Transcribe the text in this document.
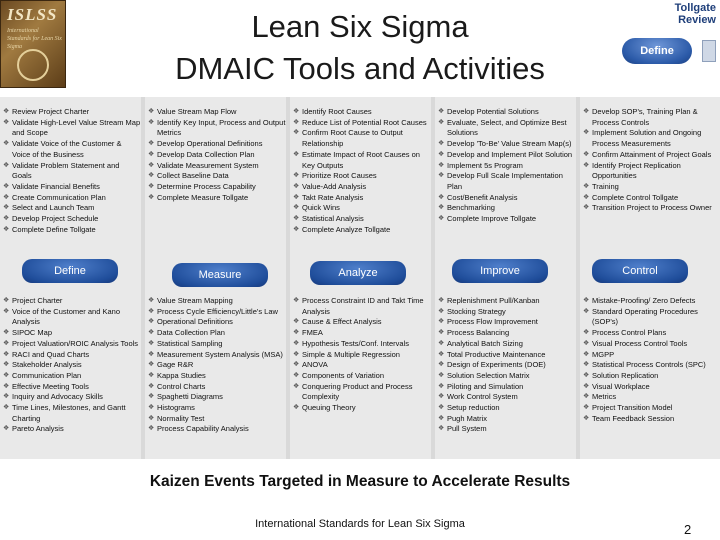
ISLSS
International Standards for Lean Six Sigma
Lean Six Sigma
DMAIC Tools and Activities
Tollgate
Review
Define
❖ Review Project Charter
❖ Validate High-Level Value Stream Map and Scope
❖ Validate Voice of the Customer & Voice of the Business
❖ Validate Problem Statement and Goals
❖ Validate Financial Benefits
❖ Create Communication Plan
❖ Select and Launch Team
❖ Develop Project Schedule
❖ Complete Define Tollgate
❖ Project Charter
❖ Voice of the Customer and Kano Analysis
❖ SIPOC Map
❖ Project Valuation/ROIC Analysis Tools
❖ RACI and Quad Charts
❖ Stakeholder Analysis
❖ Communication Plan
❖ Effective Meeting Tools
❖ Inquiry and Advocacy Skills
❖ Time Lines, Milestones, and Gantt Charting
❖ Pareto Analysis
❖ Value Stream Map Flow
❖ Identify Key Input, Process and Output Metrics
❖ Develop Operational Definitions
❖ Develop Data Collection Plan
❖ Validate Measurement System
❖ Collect Baseline Data
❖ Determine Process Capability
❖ Complete Measure Tollgate
❖ Value Stream Mapping
❖ Process Cycle Efficiency/Little's Law
❖ Operational Definitions
❖ Data Collection Plan
❖ Statistical Sampling
❖ Measurement System Analysis (MSA)
❖ Gage R&R
❖ Kappa Studies
❖ Control Charts
❖ Spaghetti Diagrams
❖ Histograms
❖ Normality Test
❖ Process Capability Analysis
❖ Identify Root Causes
❖ Reduce List of Potential Root Causes
❖ Confirm Root Cause to Output Relationship
❖ Estimate Impact of Root Causes on Key Outputs
❖ Prioritize Root Causes
❖ Value-Add Analysis
❖ Takt Rate Analysis
❖ Quick Wins
❖ Statistical Analysis
❖ Complete Analyze Tollgate
❖ Process Constraint ID and Takt Time Analysis
❖ Cause & Effect Analysis
❖ FMEA
❖ Hypothesis Tests/Conf. Intervals
❖ Simple & Multiple Regression
❖ ANOVA
❖ Components of Variation
❖ Conquering Product and Process Complexity
❖ Queuing Theory
❖ Develop Potential Solutions
❖ Evaluate, Select, and Optimize Best Solutions
❖ Develop 'To-Be' Value Stream Map(s)
❖ Develop and Implement Pilot Solution
❖ Implement 5s Program
❖ Develop Full Scale Implementation Plan
❖ Cost/Benefit Analysis
❖ Benchmarking
❖ Complete Improve Tollgate
❖ Replenishment Pull/Kanban
❖ Stocking Strategy
❖ Process Flow Improvement
❖ Process Balancing
❖ Analytical Batch Sizing
❖ Total Productive Maintenance
❖ Design of Experiments (DOE)
❖ Solution Selection Matrix
❖ Piloting and Simulation
❖ Work Control System
❖ Setup reduction
❖ Pugh Matrix
❖ Pull System
❖ Develop SOP's, Training Plan & Process Controls
❖ Implement Solution and Ongoing Process Measurements
❖ Confirm Attainment of Project Goals
❖ Identify Project Replication Opportunities
❖ Training
❖ Complete Control Tollgate
❖ Transition Project to Process Owner
❖ Mistake-Proofing/ Zero Defects
❖ Standard Operating Procedures (SOP's)
❖ Process Control Plans
❖ Visual Process Control Tools
❖ MGPP
❖ Statistical Process Controls (SPC)
❖ Solution Replication
❖ Visual Workplace
❖ Metrics
❖ Project Transition Model
❖ Team Feedback Session
Define	Measure	Analyze	Improve	Control
Kaizen Events Targeted in Measure to Accelerate Results
International Standards for Lean Six Sigma	2
